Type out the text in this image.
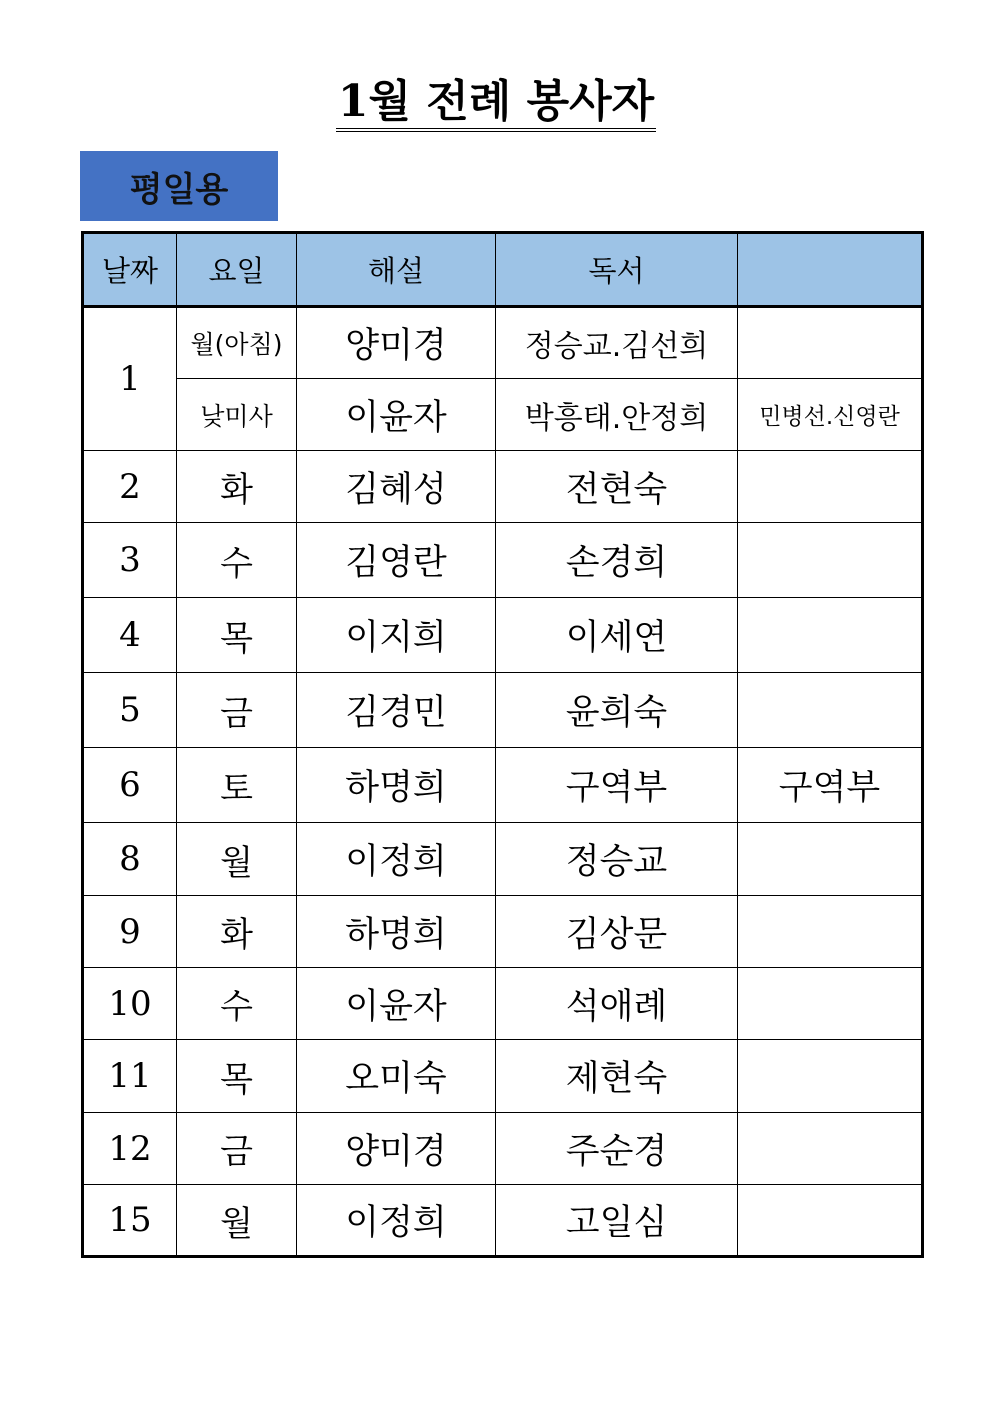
1월 전례 봉사자
평일용
날짜	요일	해설	독서	
1	월(아침)	양미경	정승교.김선희	
	낮미사	이윤자	박흥태.안정희	민병선.신영란
2	화	김혜성	전현숙	
3	수	김영란	손경희	
4	목	이지희	이세연	
5	금	김경민	윤희숙	
6	토	하명희	구역부	구역부
8	월	이정희	정승교	
9	화	하명희	김상문	
10	수	이윤자	석애례	
11	목	오미숙	제현숙	
12	금	양미경	주순경	
15	월	이정희	고일심	
